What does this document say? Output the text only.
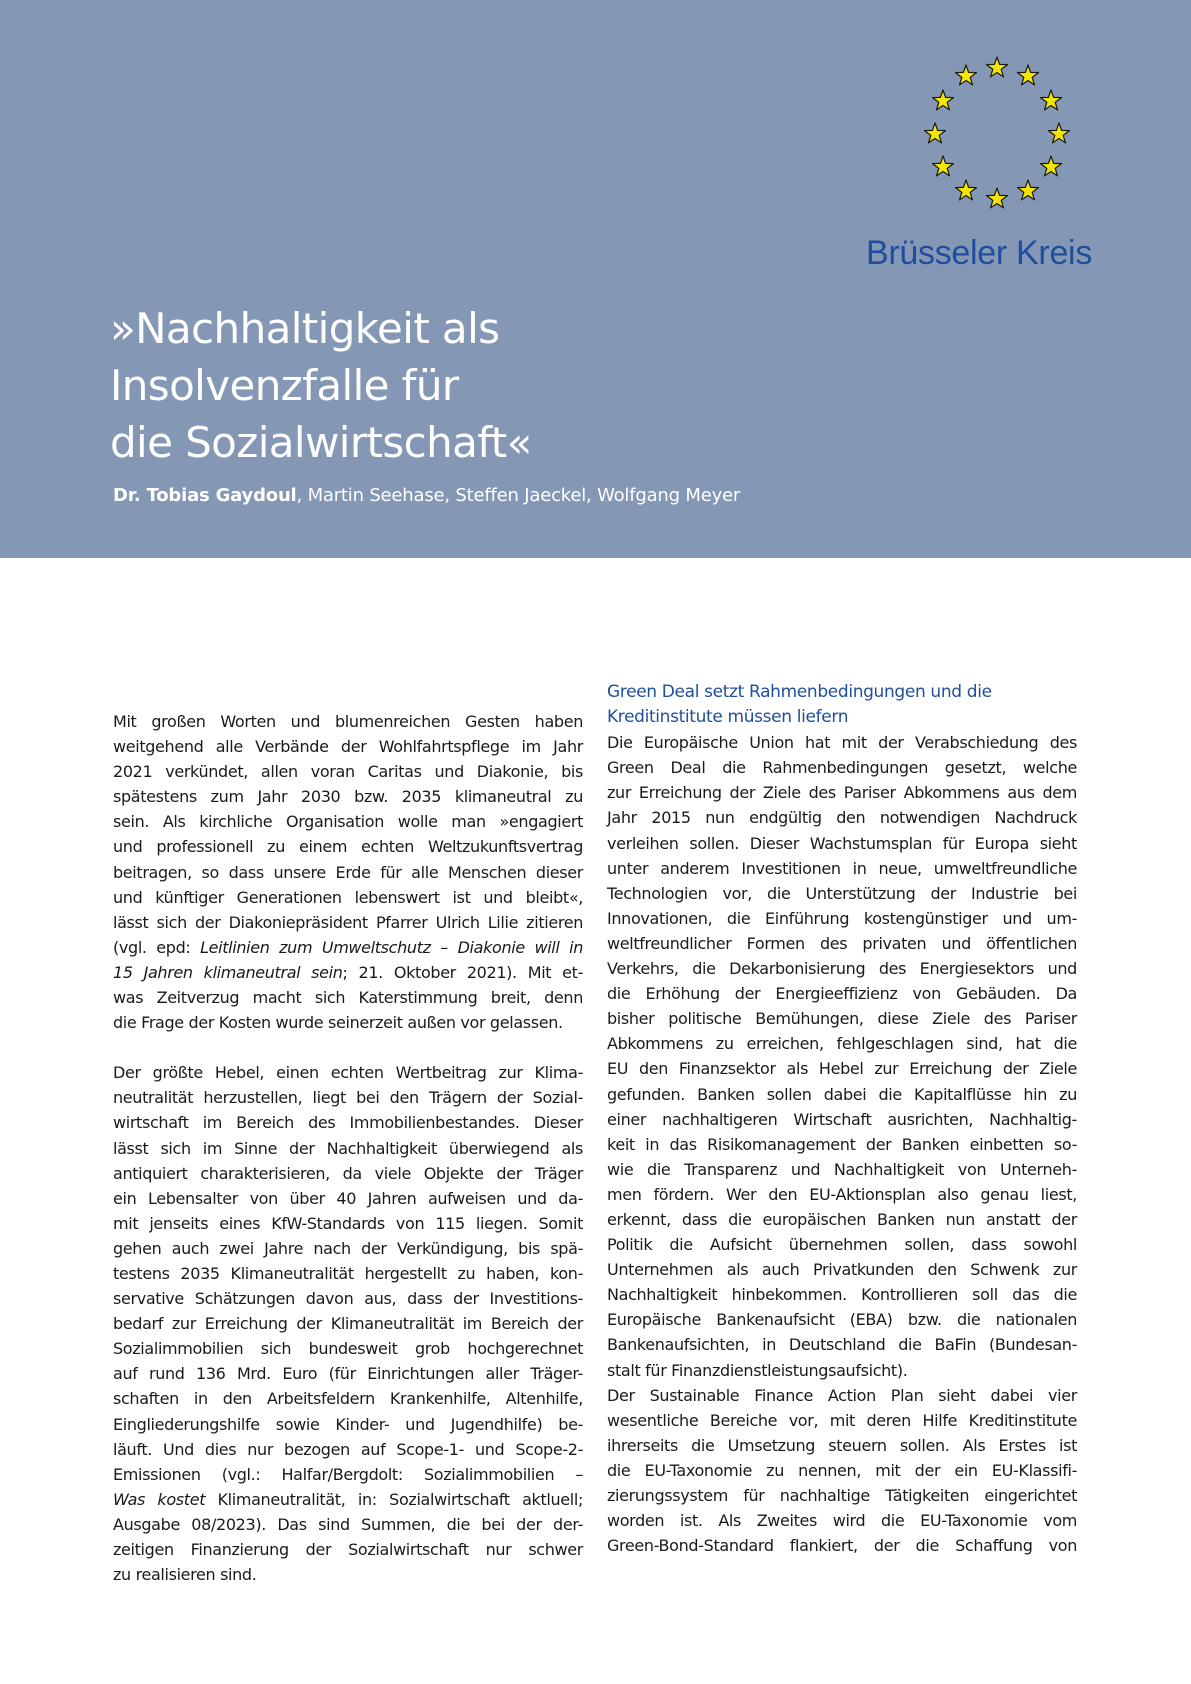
Brüsseler Kreis
»Nachhaltigkeit als
Insolvenzfalle für
die Sozialwirtschaft«
Dr. Tobias Gaydoul, Martin Seehase, Steffen Jaeckel, Wolfgang Meyer
Mit großen Worten und blumenreichen Gesten haben
weitgehend alle Verbände der Wohlfahrtspflege im Jahr
2021 verkündet, allen voran Caritas und Diakonie, bis
spätestens zum Jahr 2030 bzw. 2035 klimaneutral zu
sein. Als kirchliche Organisation wolle man »engagiert
und professionell zu einem echten Weltzukunftsvertrag
beitragen, so dass unsere Erde für alle Menschen dieser
und künftiger Generationen lebenswert ist und bleibt«,
lässt sich der Diakoniepräsident Pfarrer Ulrich Lilie zitieren
(vgl. epd: Leitlinien zum Umweltschutz – Diakonie will in
15 Jahren klimaneutral sein; 21. Oktober 2021). Mit et-
was Zeitverzug macht sich Katerstimmung breit, denn
die Frage der Kosten wurde seinerzeit außen vor gelassen.
Der größte Hebel, einen echten Wertbeitrag zur Klima-
neutralität herzustellen, liegt bei den Trägern der Sozial-
wirtschaft im Bereich des Immobilienbestandes. Dieser
lässt sich im Sinne der Nachhaltigkeit überwiegend als
antiquiert charakterisieren, da viele Objekte der Träger
ein Lebensalter von über 40 Jahren aufweisen und da-
mit jenseits eines KfW-Standards von 115 liegen. Somit
gehen auch zwei Jahre nach der Verkündigung, bis spä-
testens 2035 Klimaneutralität hergestellt zu haben, kon-
servative Schätzungen davon aus, dass der Investitions-
bedarf zur Erreichung der Klimaneutralität im Bereich der
Sozialimmobilien sich bundesweit grob hochgerechnet
auf rund 136 Mrd. Euro (für Einrichtungen aller Träger-
schaften in den Arbeitsfeldern Krankenhilfe, Altenhilfe,
Eingliederungshilfe sowie Kinder- und Jugendhilfe) be-
läuft. Und dies nur bezogen auf Scope-1- und Scope-2-
Emissionen (vgl.: Halfar/Bergdolt: Sozialimmobilien –
Was kostet Klimaneutralität, in: Sozialwirtschaft aktluell;
Ausgabe 08/2023). Das sind Summen, die bei der der-
zeitigen Finanzierung der Sozialwirtschaft nur schwer
zu realisieren sind.
Green Deal setzt Rahmenbedingungen und die
Kreditinstitute müssen liefern
Die Europäische Union hat mit der Verabschiedung des
Green Deal die Rahmenbedingungen gesetzt, welche
zur Erreichung der Ziele des Pariser Abkommens aus dem
Jahr 2015 nun endgültig den notwendigen Nachdruck
verleihen sollen. Dieser Wachstumsplan für Europa sieht
unter anderem Investitionen in neue, umweltfreundliche
Technologien vor, die Unterstützung der Industrie bei
Innovationen, die Einführung kostengünstiger und um-
weltfreundlicher Formen des privaten und öffentlichen
Verkehrs, die Dekarbonisierung des Energiesektors und
die Erhöhung der Energieeffizienz von Gebäuden. Da
bisher politische Bemühungen, diese Ziele des Pariser
Abkommens zu erreichen, fehlgeschlagen sind, hat die
EU den Finanzsektor als Hebel zur Erreichung der Ziele
gefunden. Banken sollen dabei die Kapitalflüsse hin zu
einer nachhaltigeren Wirtschaft ausrichten, Nachhaltig-
keit in das Risikomanagement der Banken einbetten so-
wie die Transparenz und Nachhaltigkeit von Unterneh-
men fördern. Wer den EU-Aktionsplan also genau liest,
erkennt, dass die europäischen Banken nun anstatt der
Politik die Aufsicht übernehmen sollen, dass sowohl
Unternehmen als auch Privatkunden den Schwenk zur
Nachhaltigkeit hinbekommen. Kontrollieren soll das die
Europäische Bankenaufsicht (EBA) bzw. die nationalen
Bankenaufsichten, in Deutschland die BaFin (Bundesan-
stalt für Finanzdienstleistungsaufsicht).
Der Sustainable Finance Action Plan sieht dabei vier
wesentliche Bereiche vor, mit deren Hilfe Kreditinstitute
ihrerseits die Umsetzung steuern sollen. Als Erstes ist
die EU-Taxonomie zu nennen, mit der ein EU-Klassifi-
zierungssystem für nachhaltige Tätigkeiten eingerichtet
worden ist. Als Zweites wird die EU-Taxonomie vom
Green-Bond-Standard flankiert, der die Schaffung von
